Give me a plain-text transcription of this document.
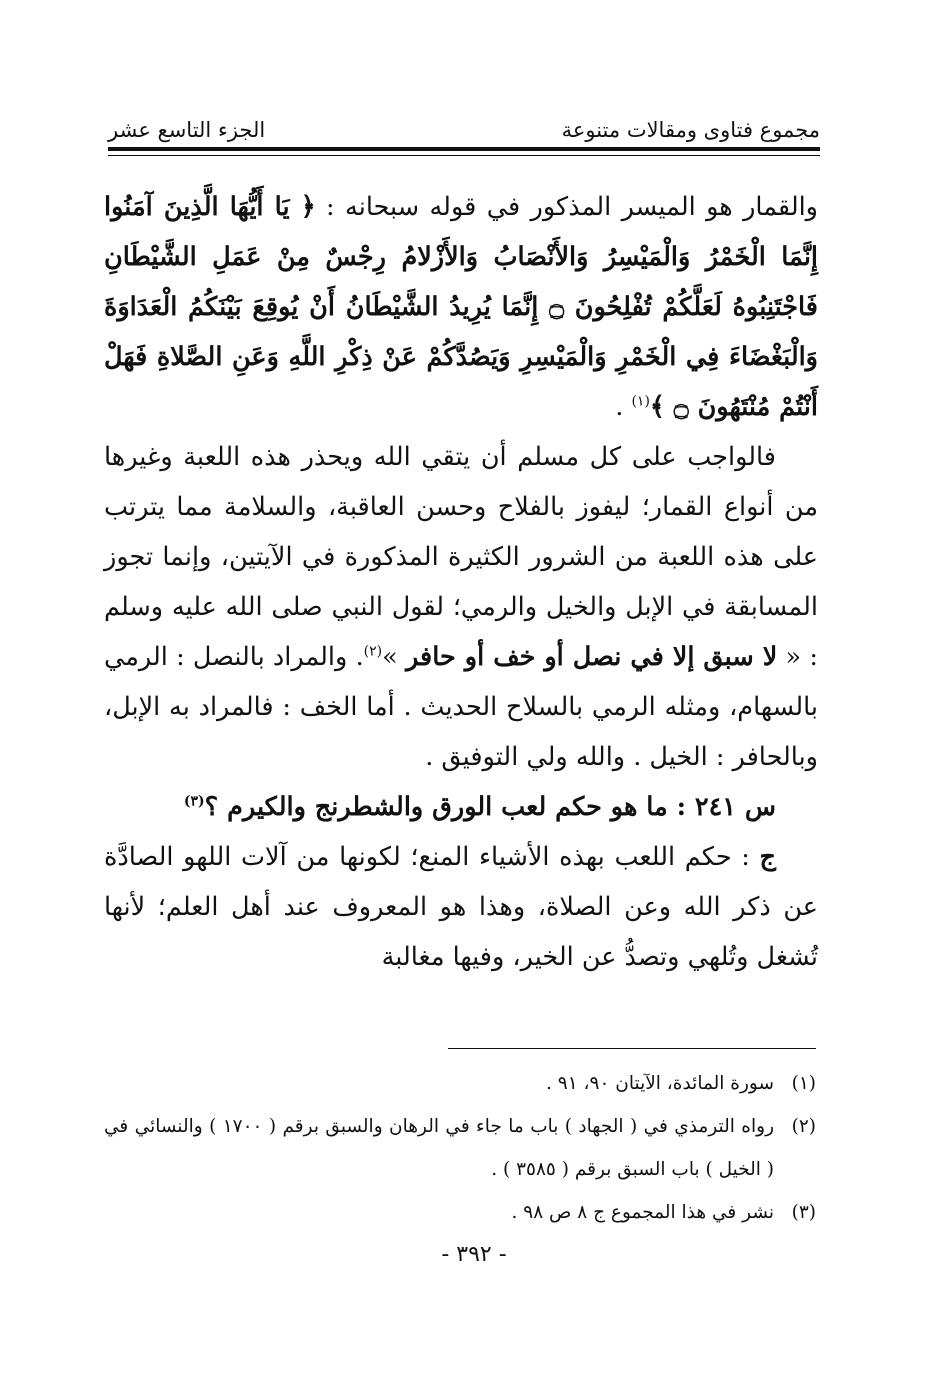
مجموع فتاوى ومقالات متنوعة
الجزء التاسع عشر

والقمار هو الميسر المذكور في قوله سبحانه : ﴿ يَا أَيُّهَا الَّذِينَ آمَنُوا إِنَّمَا الْخَمْرُ وَالْمَيْسِرُ وَالأَنْصَابُ وَالأَزْلامُ رِجْسٌ مِنْ عَمَلِ الشَّيْطَانِ فَاجْتَنِبُوهُ لَعَلَّكُمْ تُفْلِحُونَ ۝ إِنَّمَا يُرِيدُ الشَّيْطَانُ أَنْ يُوقِعَ بَيْنَكُمُ الْعَدَاوَةَ وَالْبَغْضَاءَ فِي الْخَمْرِ وَالْمَيْسِرِ وَيَصُدَّكُمْ عَنْ ذِكْرِ اللَّهِ وَعَنِ الصَّلاةِ فَهَلْ أَنْتُمْ مُنْتَهُونَ ۝ ﴾$^{(١)}$ .

فالواجب على كل مسلم أن يتقي الله ويحذر هذه اللعبة وغيرها من أنواع القمار؛ ليفوز بالفلاح وحسن العاقبة، والسلامة مما يترتب على هذه اللعبة من الشرور الكثيرة المذكورة في الآيتين، وإنما تجوز المسابقة في الإبل والخيل والرمي؛ لقول النبي صلى الله عليه وسلم : « لا سبق إلا في نصل أو خف أو حافر »$^{(٢)}$. والمراد بالنصل : الرمي بالسهام، ومثله الرمي بالسلاح الحديث . أما الخف : فالمراد به الإبل، وبالحافر : الخيل . والله ولي التوفيق .

س ٢٤١ : ما هو حكم لعب الورق والشطرنج والكيرم ؟$^{(٣)}$

ج : حكم اللعب بهذه الأشياء المنع؛ لكونها من آلات اللهو الصادَّة عن ذكر الله وعن الصلاة، وهذا هو المعروف عند أهل العلم؛ لأنها تُشغل وتُلهي وتصدُّ عن الخير، وفيها مغالبة

(١)
سورة المائدة، الآيتان ٩٠، ٩١ .
(٢)
رواه الترمذي في ( الجهاد ) باب ما جاء في الرهان والسبق برقم ( ١٧٠٠ ) والنسائي في ( الخيل ) باب السبق برقم ( ٣٥٨٥ ) .
(٣)
نشر في هذا المجموع ج ٨ ص ٩٨ .
- ٣٩٢ -
